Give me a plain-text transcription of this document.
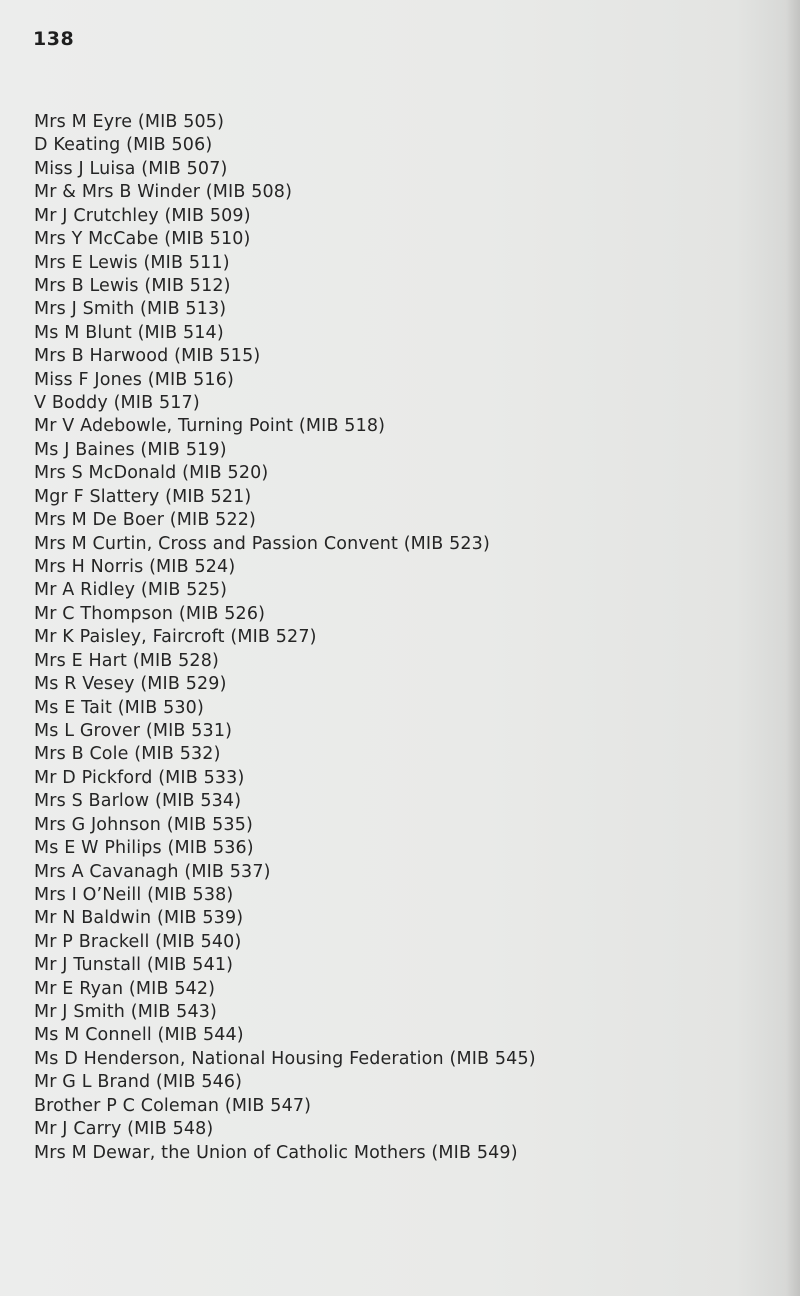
138
Mrs M Eyre (MIB 505)
D Keating (MIB 506)
Miss J Luisa (MIB 507)
Mr & Mrs B Winder (MIB 508)
Mr J Crutchley (MIB 509)
Mrs Y McCabe (MIB 510)
Mrs E Lewis (MIB 511)
Mrs B Lewis (MIB 512)
Mrs J Smith (MIB 513)
Ms M Blunt (MIB 514)
Mrs B Harwood (MIB 515)
Miss F Jones (MIB 516)
V Boddy (MIB 517)
Mr V Adebowle, Turning Point (MIB 518)
Ms J Baines (MIB 519)
Mrs S McDonald (MIB 520)
Mgr F Slattery (MIB 521)
Mrs M De Boer (MIB 522)
Mrs M Curtin, Cross and Passion Convent (MIB 523)
Mrs H Norris (MIB 524)
Mr A Ridley (MIB 525)
Mr C Thompson (MIB 526)
Mr K Paisley, Faircroft (MIB 527)
Mrs E Hart (MIB 528)
Ms R Vesey (MIB 529)
Ms E Tait (MIB 530)
Ms L Grover (MIB 531)
Mrs B Cole (MIB 532)
Mr D Pickford (MIB 533)
Mrs S Barlow (MIB 534)
Mrs G Johnson (MIB 535)
Ms E W Philips (MIB 536)
Mrs A Cavanagh (MIB 537)
Mrs I O’Neill (MIB 538)
Mr N Baldwin (MIB 539)
Mr P Brackell (MIB 540)
Mr J Tunstall (MIB 541)
Mr E Ryan (MIB 542)
Mr J Smith (MIB 543)
Ms M Connell (MIB 544)
Ms D Henderson, National Housing Federation (MIB 545)
Mr G L Brand (MIB 546)
Brother P C Coleman (MIB 547)
Mr J Carry (MIB 548)
Mrs M Dewar, the Union of Catholic Mothers (MIB 549)
